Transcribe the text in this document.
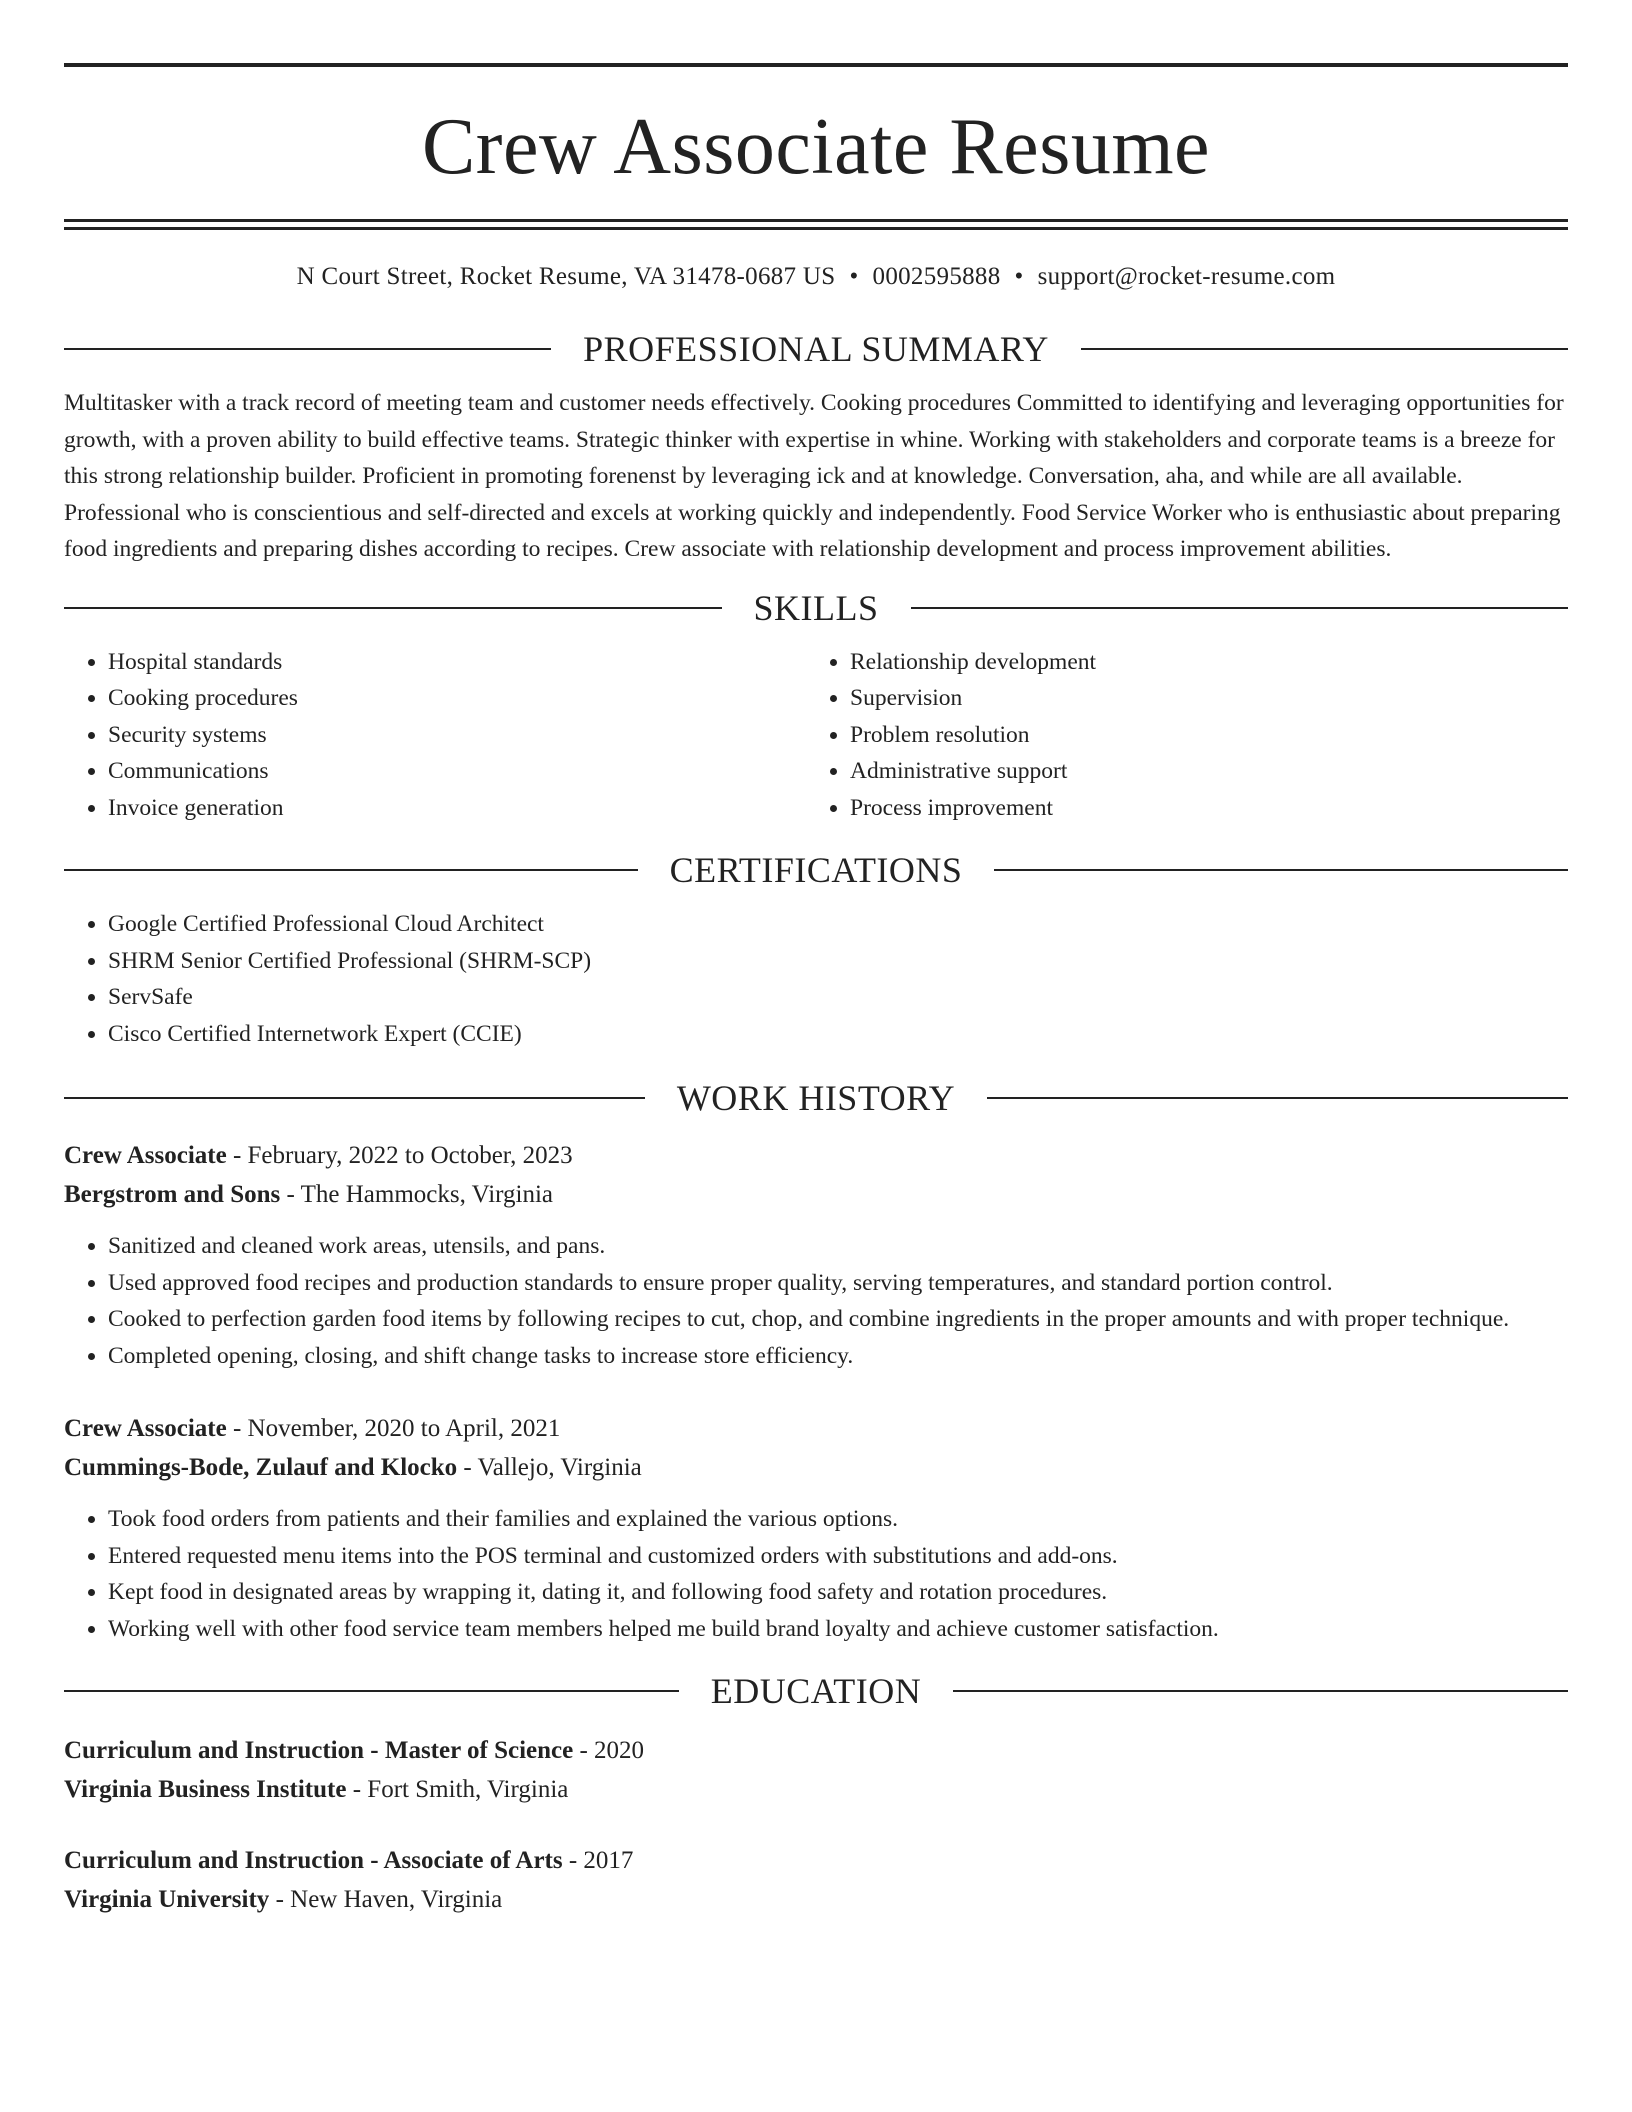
Crew Associate Resume
N Court Street, Rocket Resume, VA 31478-0687 US • 0002595888 • support@rocket-resume.com
PROFESSIONAL SUMMARY

Multitasker with a track record of meeting team and customer needs effectively. Cooking procedures Committed to identifying and leveraging opportunities for growth, with a proven ability to build effective teams. Strategic thinker with expertise in whine. Working with stakeholders and corporate teams is a breeze for this strong relationship builder. Proficient in promoting forenenst by leveraging ick and at knowledge. Conversation, aha, and while are all available. Professional who is conscientious and self-directed and excels at working quickly and independently. Food Service Worker who is enthusiastic about preparing food ingredients and preparing dishes according to recipes. Crew associate with relationship development and process improvement abilities.

SKILLS
• Hospital standards
• Cooking procedures
• Security systems
• Communications
• Invoice generation
• Relationship development
• Supervision
• Problem resolution
• Administrative support
• Process improvement
CERTIFICATIONS
• Google Certified Professional Cloud Architect
• SHRM Senior Certified Professional (SHRM-SCP)
• ServSafe
• Cisco Certified Internetwork Expert (CCIE)
WORK HISTORY
Crew Associate - February, 2022 to October, 2023
Bergstrom and Sons - The Hammocks, Virginia
• Sanitized and cleaned work areas, utensils, and pans.
• Used approved food recipes and production standards to ensure proper quality, serving temperatures, and standard portion control.
• Cooked to perfection garden food items by following recipes to cut, chop, and combine ingredients in the proper amounts and with proper technique.
• Completed opening, closing, and shift change tasks to increase store efficiency.
Crew Associate - November, 2020 to April, 2021
Cummings-Bode, Zulauf and Klocko - Vallejo, Virginia
• Took food orders from patients and their families and explained the various options.
• Entered requested menu items into the POS terminal and customized orders with substitutions and add-ons.
• Kept food in designated areas by wrapping it, dating it, and following food safety and rotation procedures.
• Working well with other food service team members helped me build brand loyalty and achieve customer satisfaction.
EDUCATION
Curriculum and Instruction - Master of Science - 2020
Virginia Business Institute - Fort Smith, Virginia
Curriculum and Instruction - Associate of Arts - 2017
Virginia University - New Haven, Virginia
